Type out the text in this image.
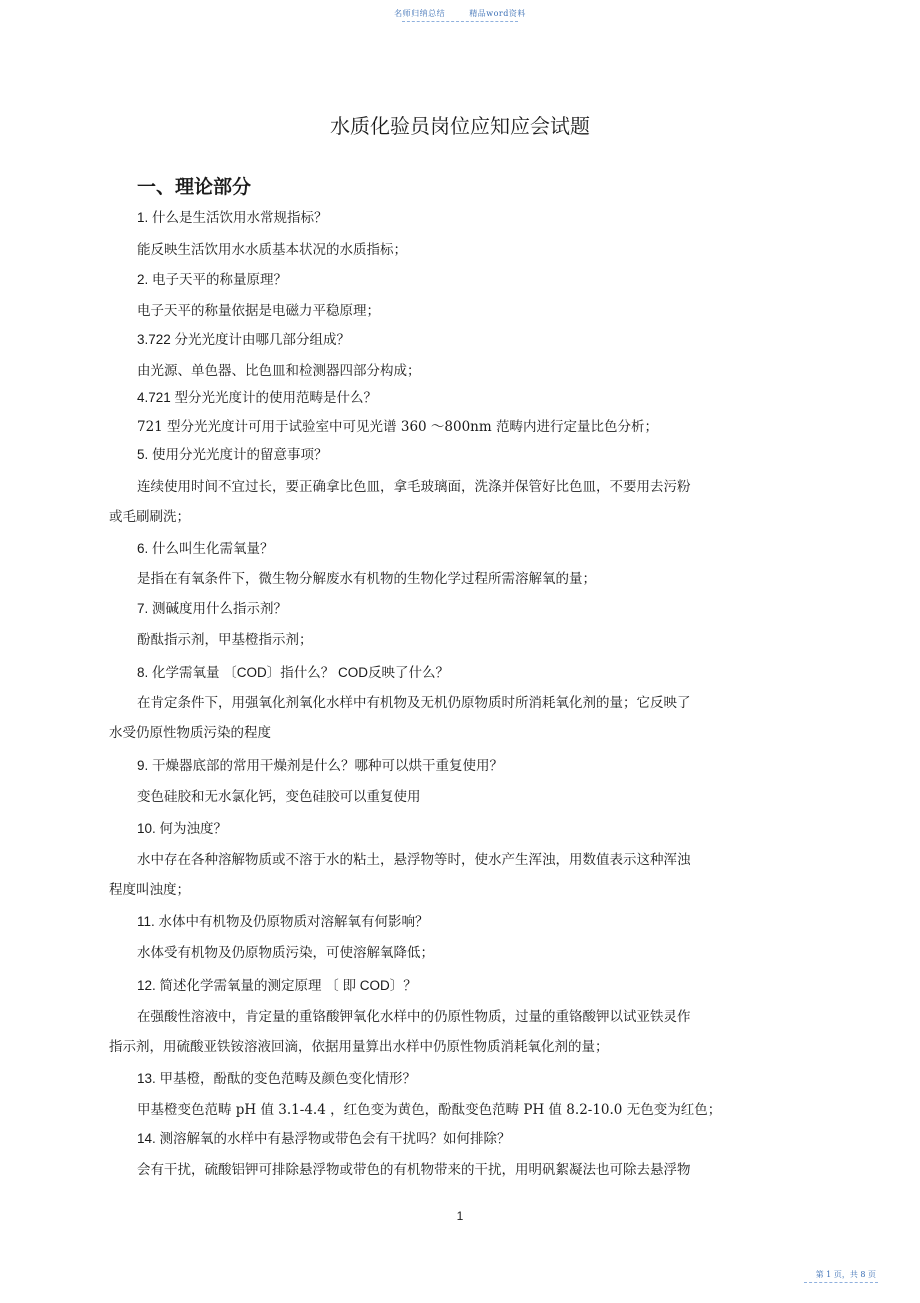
名师归纳总结	精品word资料
水质化验员岗位应知应会试题
一、理论部分
1. 什么是生活饮用水常规指标？
能反映生活饮用水水质基本状况的水质指标；
2. 电子天平的称量原理？
电子天平的称量依据是电磁力平稳原理；
3.722 分光光度计由哪几部分组成？
由光源、单色器、比色皿和检测器四部分构成；
4.721 型分光光度计的使用范畴是什么？
721 型分光光度计可用于试验室中可见光谱 360 ～800nm 范畴内进行定量比色分析；
5. 使用分光光度计的留意事项？
连续使用时间不宜过长，要正确拿比色皿，拿毛玻璃面，洗涤并保管好比色皿，不要用去污粉
或毛刷刷洗；
6. 什么叫生化需氧量？
是指在有氧条件下，微生物分解废水有机物的生物化学过程所需溶解氧的量；
7. 测碱度用什么指示剂？
酚酞指示剂，甲基橙指示剂；
8. 化学需氧量 〔COD〕指什么？ COD反映了什么？
在肯定条件下，用强氧化剂氧化水样中有机物及无机仍原物质时所消耗氧化剂的量；它反映了
水受仍原性物质污染的程度
9. 干燥器底部的常用干燥剂是什么？哪种可以烘干重复使用？
变色硅胶和无水氯化钙，变色硅胶可以重复使用
10. 何为浊度？
水中存在各种溶解物质或不溶于水的粘土，悬浮物等时，使水产生浑浊，用数值表示这种浑浊
程度叫浊度；
11. 水体中有机物及仍原物质对溶解氧有何影响？
水体受有机物及仍原物质污染，可使溶解氧降低；
12. 简述化学需氧量的测定原理 〔 即 COD〕？
在强酸性溶液中，肯定量的重铬酸钾氧化水样中的仍原性物质，过量的重铬酸钾以试亚铁灵作
指示剂，用硫酸亚铁铵溶液回滴，依据用量算出水样中仍原性物质消耗氧化剂的量；
13. 甲基橙，酚酞的变色范畴及颜色变化情形？
甲基橙变色范畴 pH 值 3.1-4.4 ，红色变为黄色，酚酞变色范畴 PH 值 8.2-10.0 无色变为红色；
14. 测溶解氧的水样中有悬浮物或带色会有干扰吗？如何排除？
会有干扰，硫酸铝钾可排除悬浮物或带色的有机物带来的干扰，用明矾絮凝法也可除去悬浮物
1
第 1 页，共 8 页
